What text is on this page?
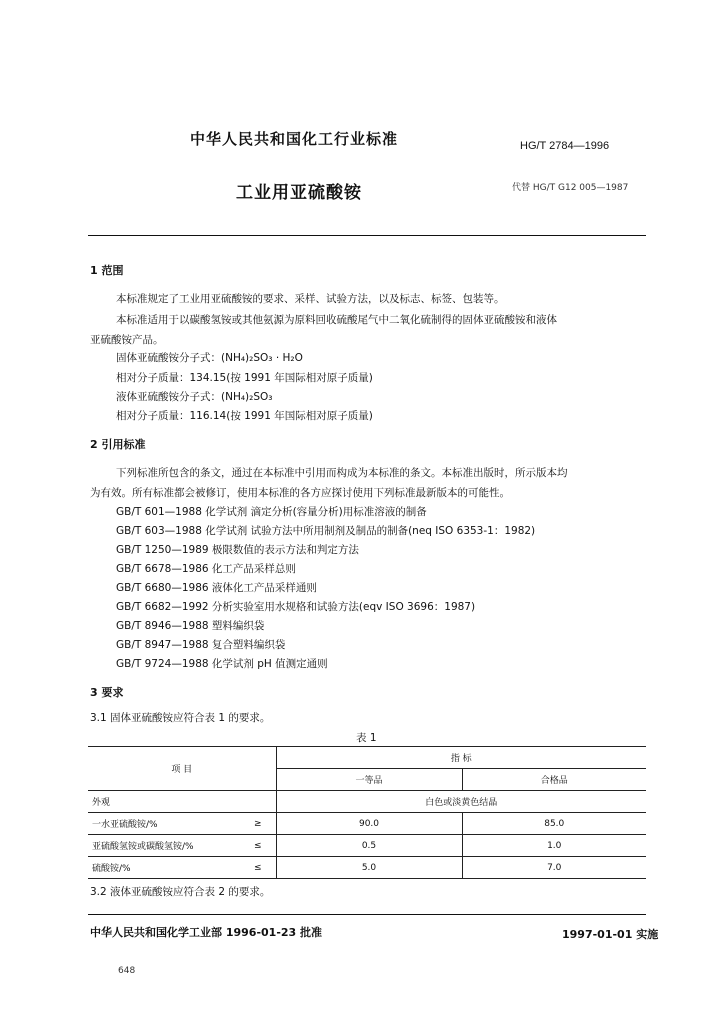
中华人民共和国化工行业标准	HG/T 2784—1996
工业用亚硫酸铵	代替 HG/T G12 005—1987
1 范围
本标准规定了工业用亚硫酸铵的要求、采样、试验方法，以及标志、标签、包装等。
本标准适用于以碳酸氢铵或其他氨源为原料回收硫酸尾气中二氧化硫制得的固体亚硫酸铵和液体
亚硫酸铵产品。
固体亚硫酸铵分子式：(NH₄)₂SO₃ · H₂O
相对分子质量：134.15(按 1991 年国际相对原子质量)
液体亚硫酸铵分子式：(NH₄)₂SO₃
相对分子质量：116.14(按 1991 年国际相对原子质量)
2 引用标准
下列标准所包含的条文，通过在本标准中引用而构成为本标准的条文。本标准出版时，所示版本均
为有效。所有标准都会被修订，使用本标准的各方应探讨使用下列标准最新版本的可能性。
GB/T 601—1988 化学试剂 滴定分析(容量分析)用标准溶液的制备
GB/T 603—1988 化学试剂 试验方法中所用制剂及制品的制备(neq ISO 6353-1：1982)
GB/T 1250—1989 极限数值的表示方法和判定方法
GB/T 6678—1986 化工产品采样总则
GB/T 6680—1986 液体化工产品采样通则
GB/T 6682—1992 分析实验室用水规格和试验方法(eqv ISO 3696：1987)
GB/T 8946—1988 塑料编织袋
GB/T 8947—1988 复合塑料编织袋
GB/T 9724—1988 化学试剂 pH 值测定通则
3 要求
3.1 固体亚硫酸铵应符合表 1 的要求。
表 1
项 目		指 标	
		一等品	合格品
外观		白色或淡黄色结晶	
一水亚硫酸铵/%	≥	90.0	85.0
亚硫酸氢铵或碳酸氢铵/%	≤	0.5	1.0
硫酸铵/%	≤	5.0	7.0
3.2 液体亚硫酸铵应符合表 2 的要求。
中华人民共和国化学工业部 1996-01-23 批准	1997-01-01 实施
648
